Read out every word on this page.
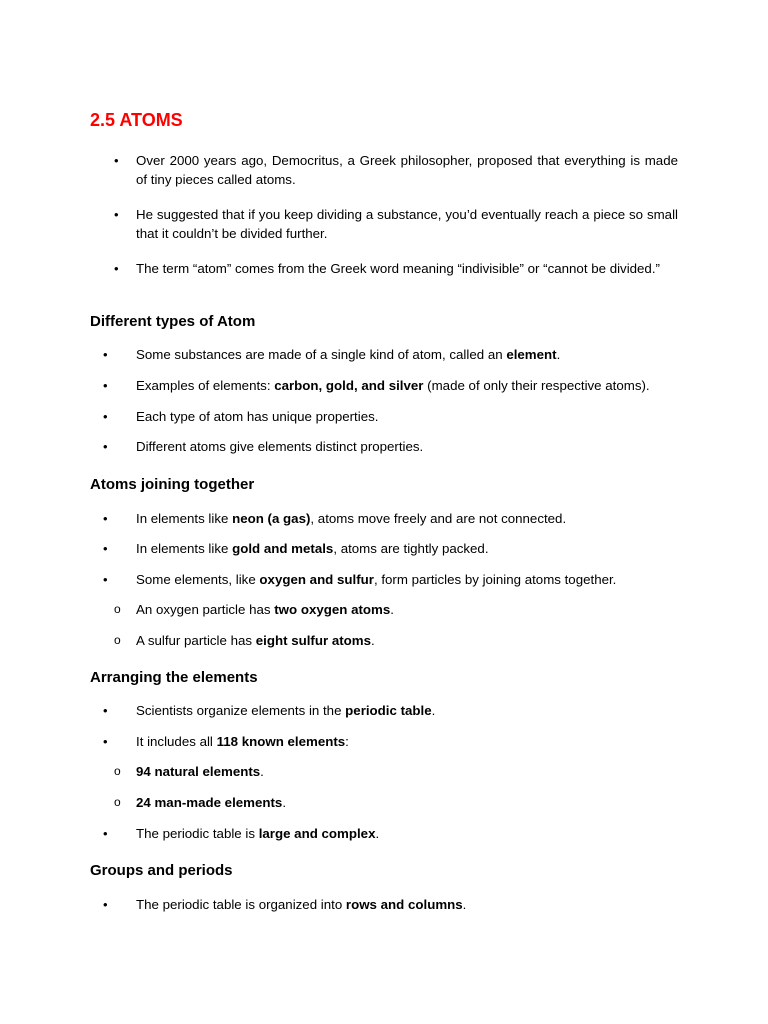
2.5 ATOMS
• Over 2000 years ago, Democritus, a Greek philosopher, proposed that everything is made of tiny pieces called atoms.
• He suggested that if you keep dividing a substance, you’d eventually reach a piece so small that it couldn’t be divided further.
• The term “atom” comes from the Greek word meaning “indivisible” or “cannot be divided.”
Different types of Atom
• Some substances are made of a single kind of atom, called an element.
• Examples of elements: carbon, gold, and silver (made of only their respective atoms).
• Each type of atom has unique properties.
• Different atoms give elements distinct properties.
Atoms joining together
• In elements like neon (a gas), atoms move freely and are not connected.
• In elements like gold and metals, atoms are tightly packed.
• Some elements, like oxygen and sulfur, form particles by joining atoms together.
o An oxygen particle has two oxygen atoms.
o A sulfur particle has eight sulfur atoms.
Arranging the elements
• Scientists organize elements in the periodic table.
• It includes all 118 known elements:
o 94 natural elements.
o 24 man-made elements.
• The periodic table is large and complex.
Groups and periods
• The periodic table is organized into rows and columns.
